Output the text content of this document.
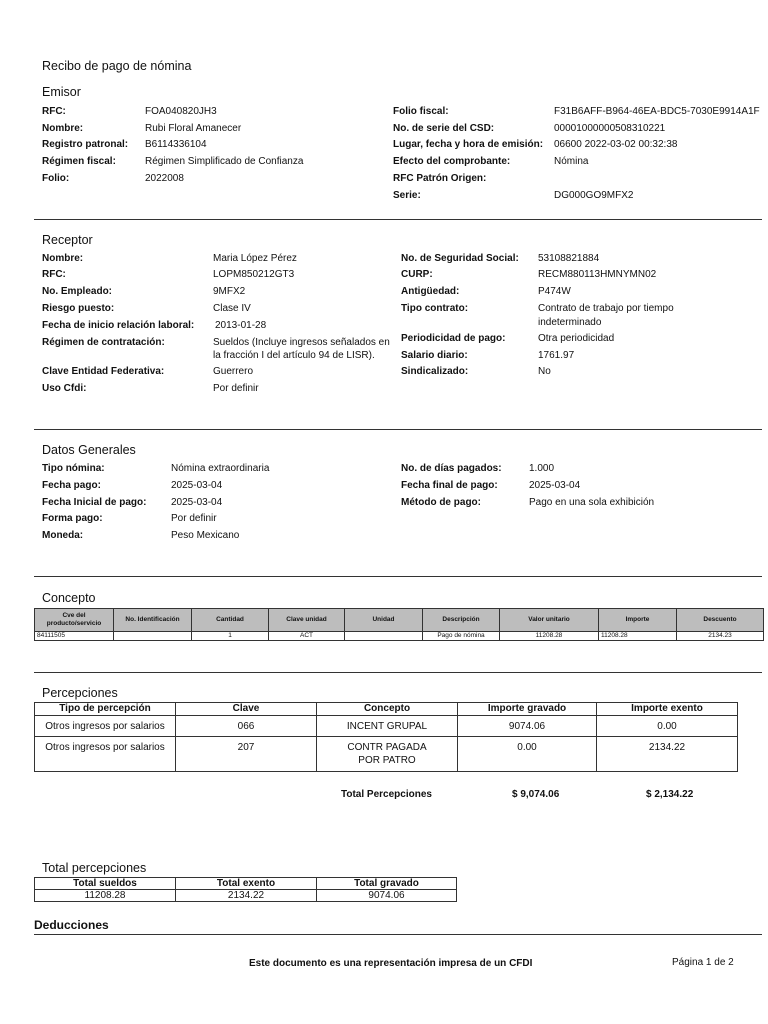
Recibo de pago de nómina
Emisor
RFC:	FOA040820JH3
Nombre:	Rubi Floral Amanecer
Registro patronal: B6114336104
Régimen fiscal:	Régimen Simplificado de Confianza
Folio:	2022008
Folio fiscal:	F31B6AFF-B964-46EA-BDC5-7030E9914A1F
No. de serie del CSD:	00001000000508310221
Lugar, fecha y hora de emisión: 06600 2022-03-02 00:32:38
Efecto del comprobante:	Nómina
RFC Patrón Origen:
Serie:	DG000GO9MFX2
Receptor
Nombre:	Maria López Pérez
RFC:	LOPM850212GT3
No. Empleado:	9MFX2
Riesgo puesto:	Clase IV
Fecha de inicio relación laboral: 2013-01-28
Régimen de contratación:	Sueldos (Incluye ingresos señalados en
la fracción I del artículo 94 de LISR).
Clave Entidad Federativa:	Guerrero
Uso Cfdi:	Por definir
No. de Seguridad Social: 53108821884
CURP:	RECM880113HMNYMN02
Antigüedad:	P474W
Tipo contrato:	Contrato de trabajo por tiempo
indeterminado
Periodicidad de pago:	Otra periodicidad
Salario diario:	1761.97
Sindicalizado:	No
Datos Generales
Tipo nómina:	Nómina extraordinaria
Fecha pago:	2025-03-04
Fecha Inicial de pago: 2025-03-04
Forma pago:	Por definir
Moneda:	Peso Mexicano
No. de días pagados:	1.000
Fecha final de pago:	2025-03-04
Método de pago:	Pago en una sola exhibición
Concepto
Cve del producto/servicio	No. Identificación	Cantidad	Clave unidad	Unidad	Descripción	Valor unitario	Importe	Descuento
84111505		1	ACT		Pago de nómina	11208.28	11208.28	2134.23
Percepciones
Tipo de percepción	Clave	Concepto	Importe gravado	Importe exento
Otros ingresos por salarios	066	INCENT GRUPAL	9074.06	0.00
Otros ingresos por salarios	207	CONTR PAGADA POR PATRO	0.00	2134.22
Total Percepciones	$ 9,074.06	$ 2,134.22
Total percepciones
Total sueldos	Total exento	Total gravado
11208.28	2134.22	9074.06
Deducciones
Este documento es una representación impresa de un CFDI	Página 1 de 2
